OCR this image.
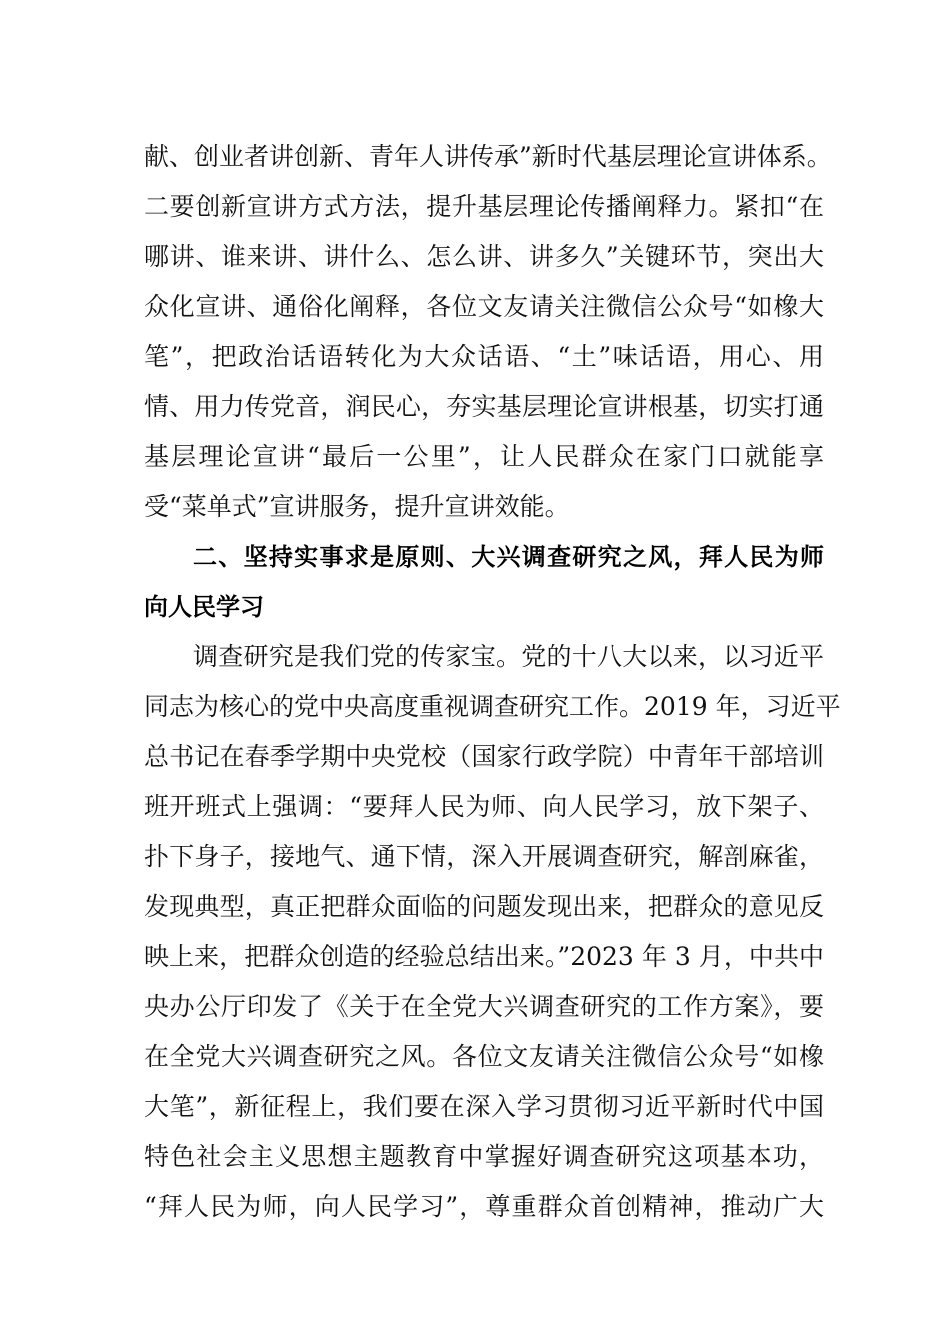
献、创业者讲创新、青年人讲传承”新时代基层理论宣讲体系。
二要创新宣讲方式方法，提升基层理论传播阐释力。紧扣“在
哪讲、谁来讲、讲什么、怎么讲、讲多久”关键环节，突出大
众化宣讲、通俗化阐释，各位文友请关注微信公众号“如橡大
笔”，把政治话语转化为大众话语、“土”味话语，用心、用
情、用力传党音，润民心，夯实基层理论宣讲根基，切实打通
基层理论宣讲“最后一公里”，让人民群众在家门口就能享
受“菜单式”宣讲服务，提升宣讲效能。
二、坚持实事求是原则、大兴调查研究之风，拜人民为师
向人民学习
调查研究是我们党的传家宝。党的十八大以来，以习近平
同志为核心的党中央高度重视调查研究工作。2019 年，习近平
总书记在春季学期中央党校（国家行政学院）中青年干部培训
班开班式上强调：“要拜人民为师、向人民学习，放下架子、
扑下身子，接地气、通下情，深入开展调查研究，解剖麻雀，
发现典型，真正把群众面临的问题发现出来，把群众的意见反
映上来，把群众创造的经验总结出来。”2023 年 3 月，中共中
央办公厅印发了《关于在全党大兴调查研究的工作方案》，要
在全党大兴调查研究之风。各位文友请关注微信公众号“如橡
大笔”，新征程上，我们要在深入学习贯彻习近平新时代中国
特色社会主义思想主题教育中掌握好调查研究这项基本功，
“拜人民为师，向人民学习”，尊重群众首创精神，推动广大
